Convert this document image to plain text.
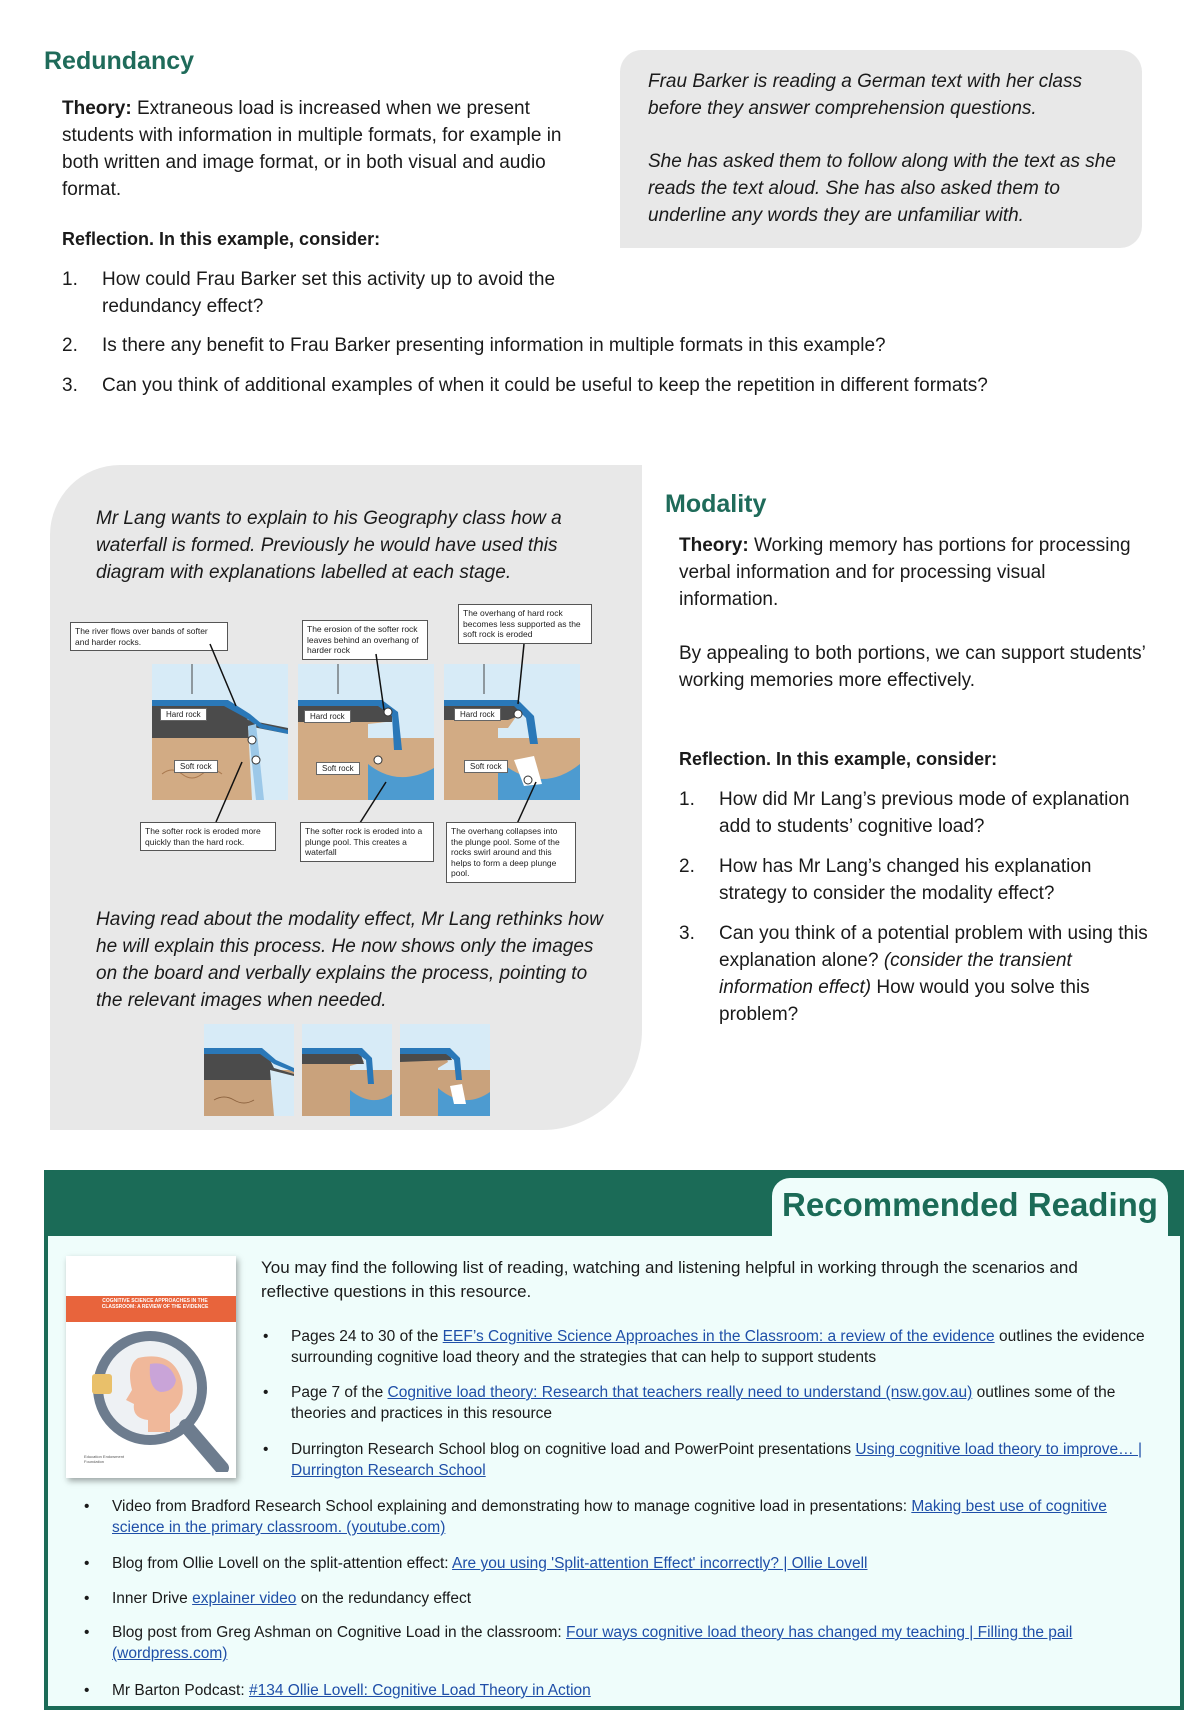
Redundancy
Theory: Extraneous load is increased when we present students with information in multiple formats, for example in both written and image format, or in both visual and audio format.
Reflection. In this example, consider:
Frau Barker is reading a German text with her class before they answer comprehension questions.
She has asked them to follow along with the text as she reads the text aloud. She has also asked them to underline any words they are unfamiliar with.
1.	How could Frau Barker set this activity up to avoid the redundancy effect?
2.	Is there any benefit to Frau Barker presenting information in multiple formats in this example?
3.	Can you think of additional examples of when it could be useful to keep the repetition in different formats?
Mr Lang wants to explain to his Geography class how a waterfall is formed. Previously he would have used this diagram with explanations labelled at each stage.
The river flows over bands of softer and harder rocks.
The erosion of the softer rock leaves behind an overhang of harder rock
The overhang of hard rock becomes less supported as the soft rock is eroded
Hard rock
Soft rock
Hard rock
Soft rock
Hard rock
Soft rock
The softer rock is eroded more quickly than the hard rock.
The softer rock is eroded into a plunge pool. This creates a waterfall
The overhang collapses into the plunge pool. Some of the rocks swirl around and this helps to form a deep plunge pool.
Having read about the modality effect, Mr Lang rethinks how he will explain this process. He now shows only the images on the board and verbally explains the process, pointing to the relevant images when needed.
Modality
Theory: Working memory has portions for processing verbal information and for processing visual information.
By appealing to both portions, we can support students’ working memories more effectively.
Reflection. In this example, consider:
1. How did Mr Lang’s previous mode of explanation add to students’ cognitive load?
2. How has Mr Lang’s changed his explanation strategy to consider the modality effect?
3. Can you think of a potential problem with using this explanation alone? (consider the transient information effect) How would you solve this problem?
Recommended Reading
COGNITIVE SCIENCE APPROACHES IN THE CLASSROOM: A REVIEW OF THE EVIDENCE
Education Endowment Foundation
You may find the following list of reading, watching and listening helpful in working through the scenarios and reflective questions in this resource.
• Pages 24 to 30 of the EEF’s Cognitive Science Approaches in the Classroom: a review of the evidence outlines the evidence surrounding cognitive load theory and the strategies that can help to support students
• Page 7 of the Cognitive load theory: Research that teachers really need to understand (nsw.gov.au) outlines some of the theories and practices in this resource
• Durrington Research School blog on cognitive load and PowerPoint presentations Using cognitive load theory to improve… | Durrington Research School
• Video from Bradford Research School explaining and demonstrating how to manage cognitive load in presentations: Making best use of cognitive science in the primary classroom. (youtube.com)
• Blog from Ollie Lovell on the split-attention effect: Are you using 'Split-attention Effect' incorrectly? | Ollie Lovell
• Inner Drive explainer video on the redundancy effect
• Blog post from Greg Ashman on Cognitive Load in the classroom: Four ways cognitive load theory has changed my teaching | Filling the pail (wordpress.com)
• Mr Barton Podcast: #134 Ollie Lovell: Cognitive Load Theory in Action
